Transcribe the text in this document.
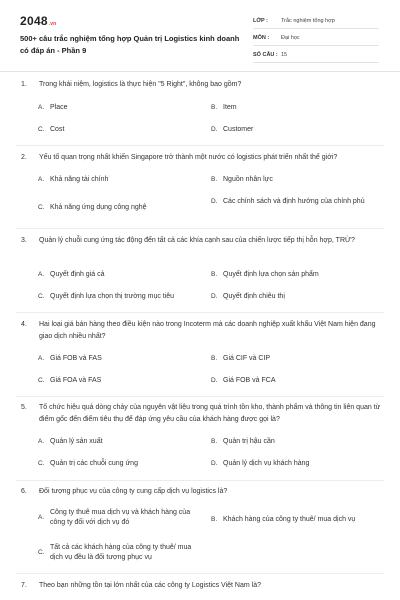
2048 .vn
500+ câu trắc nghiệm tổng hợp Quản trị Logistics kinh doanh có đáp án - Phần 9
LỚP :	Trắc nghiệm tổng hợp
MÔN :	Đại học
SỐ CÂU : 15
1.	Trong khái niệm, logistics là thực hiện "5 Right", không bao gồm?
A. Place	B. Item
C. Cost	D. Customer
2.	Yếu tố quan trọng nhất khiến Singapore trở thành một nước có logistics phát triển nhất thế giới?
A. Khả năng tài chính	B. Nguồn nhân lực
C. Khả năng ứng dụng công nghệ
D. Các chính sách và định hướng của chính phủ
3.	Quản lý chuỗi cung ứng tác động đến tất cả các khía cạnh sau của chiến lược tiếp thị hỗn hợp, TRỪ?
A. Quyết định giá cả	B. Quyết định lựa chọn sản phẩm
C. Quyết định lựa chọn thị trường mục tiêu	D. Quyết định chiêu thị
4.	Hai loại giá bán hàng theo điều kiện nào trong Incoterm mà các doanh nghiệp xuất khẩu Việt Nam hiện đang giao dịch nhiều nhất?
A. Giá FOB và FAS	B. Giá CIF và CIP
C. Giá FOA và FAS	D. Giá FOB và FCA
5.	Tổ chức hiệu quả dòng chảy của nguyên vật liệu trong quá trình tồn kho, thành phẩm và thông tin liên quan từ điểm gốc đến điểm tiêu thụ để đáp ứng yêu cầu của khách hàng được gọi là?
A. Quản lý sản xuất	B. Quản trị hậu cần
C. Quản trị các chuỗi cung ứng	D. Quản lý dịch vụ khách hàng
6.	Đối tượng phục vụ của công ty cung cấp dịch vụ logistics là?
A.
Công ty thuê mua dịch vụ và khách hàng của công ty đối với dịch vụ đó	B. Khách hàng của công ty thuê/ mua dịch vụ
C.
Tất cả các khách hàng của công ty thuê/ mua dịch vụ đều là đối tượng phục vụ
7.	Theo bạn những tồn tại lớn nhất của các công ty Logistics Việt Nam là?
